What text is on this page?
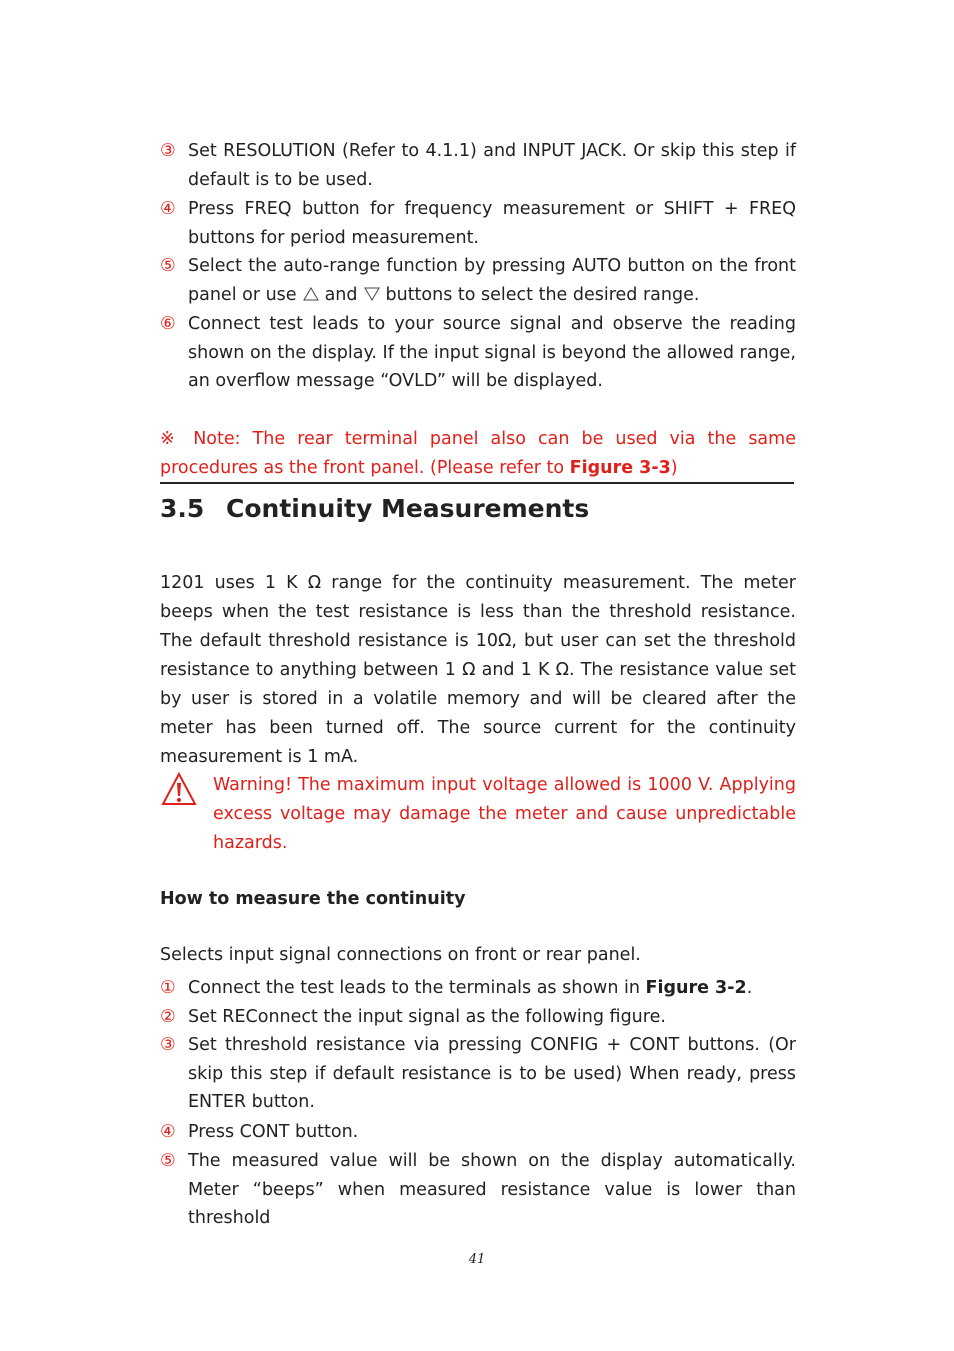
③ Set RESOLUTION (Refer to 4.1.1) and INPUT JACK. Or skip this step if default is to be used.
④ Press FREQ button for frequency measurement or SHIFT + FREQ buttons for period measurement.
⑤ Select the auto-range function by pressing AUTO button on the front panel or use and buttons to select the desired range.
⑥ Connect test leads to your source signal and observe the reading shown on the display. If the input signal is beyond the allowed range, an overflow message “OVLD” will be displayed.
※ Note: The rear terminal panel also can be used via the same procedures as the front panel. (Please refer to Figure 3-3)
3.5 Continuity Measurements
1201 uses 1 K Ω range for the continuity measurement. The meter beeps when the test resistance is less than the threshold resistance. The default threshold resistance is 10Ω, but user can set the threshold resistance to anything between 1 Ω and 1 K Ω. The resistance value set by user is stored in a volatile memory and will be cleared after the meter has been turned off. The source current for the continuity measurement is 1 mA.
Warning! The maximum input voltage allowed is 1000 V. Applying excess voltage may damage the meter and cause unpredictable hazards.
How to measure the continuity
Selects input signal connections on front or rear panel.
① Connect the test leads to the terminals as shown in Figure 3-2.
② Set REConnect the input signal as the following figure.
③ Set threshold resistance via pressing CONFIG + CONT buttons. (Or skip this step if default resistance is to be used) When ready, press ENTER button.
④ Press CONT button.
⑤ The measured value will be shown on the display automatically. Meter “beeps” when measured resistance value is lower than threshold
41
